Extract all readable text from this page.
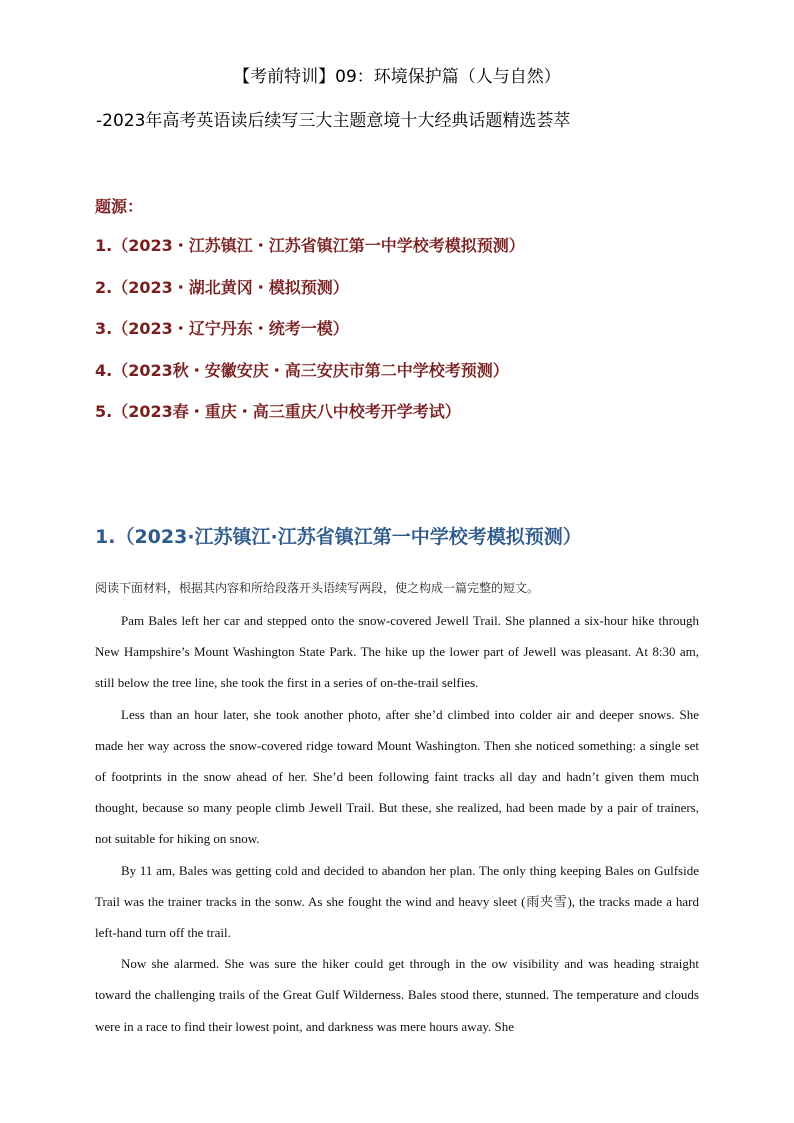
【考前特训】09：环境保护篇（人与自然）
-2023年高考英语读后续写三大主题意境十大经典话题精选荟萃
题源：
1.（2023・江苏镇江・江苏省镇江第一中学校考模拟预测）
2.（2023・湖北黄冈・模拟预测）
3.（2023・辽宁丹东・统考一模）
4.（2023秋・安徽安庆・高三安庆市第二中学校考预测）
5.（2023春・重庆・高三重庆八中校考开学考试）
1.（2023·江苏镇江·江苏省镇江第一中学校考模拟预测）
阅读下面材料，根据其内容和所给段落开头语续写两段，使之构成一篇完整的短文。

Pam Bales left her car and stepped onto the snow-covered Jewell Trail. She planned a six-hour hike through New Hampshire’s Mount Washington State Park. The hike up the lower part of Jewell was pleasant. At 8:30 am, still below the tree line, she took the first in a series of on-the-trail selfies.

Less than an hour later, she took another photo, after she’d climbed into colder air and deeper snows. She made her way across the snow-covered ridge toward Mount Washington. Then she noticed something: a single set of footprints in the snow ahead of her. She’d been following faint tracks all day and hadn’t given them much thought, because so many people climb Jewell Trail. But these, she realized, had been made by a pair of trainers, not suitable for hiking on snow.

By 11 am, Bales was getting cold and decided to abandon her plan. The only thing keeping Bales on Gulfside Trail was the trainer tracks in the sonw. As she fought the wind and heavy sleet (雨夹雪), the tracks made a hard left-hand turn off the trail.

Now she alarmed. She was sure the hiker could get through in the ow visibility and was heading straight toward the challenging trails of the Great Gulf Wilderness. Bales stood there, stunned. The temperature and clouds were in a race to find their lowest point, and darkness was mere hours away. She
